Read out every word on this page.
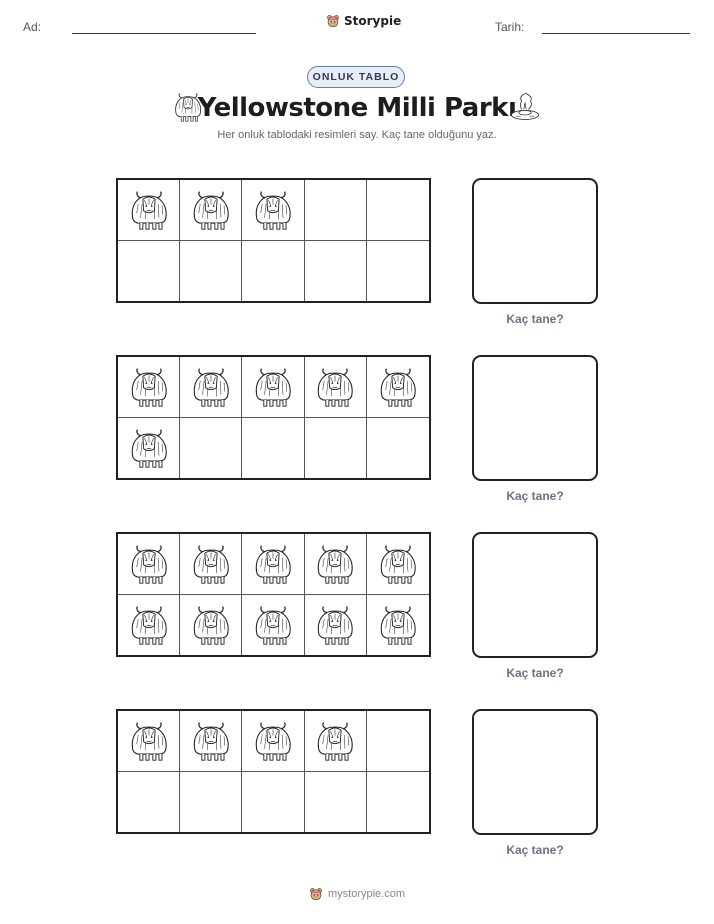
Ad:	Storypie	Tarih:
ONLUK TABLO
Yellowstone Milli Parkı
Her onluk tablodaki resimleri say. Kaç tane olduğunu yaz.
Kaç tane?
Kaç tane?
Kaç tane?
Kaç tane?
mystorypie.com
